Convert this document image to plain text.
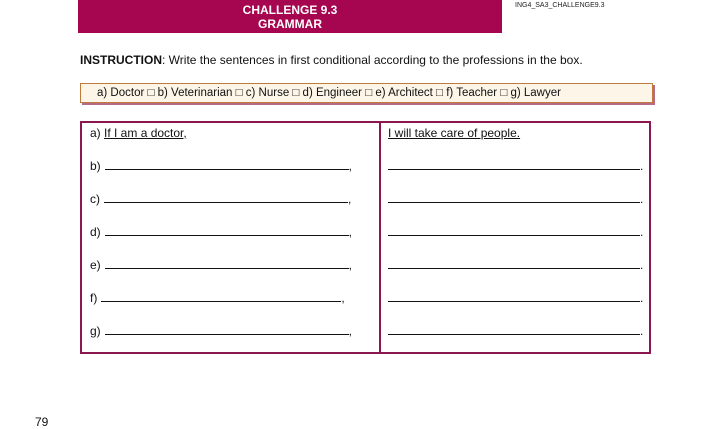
CHALLENGE 9.3
GRAMMAR
ING4_SA3_CHALLENGE9.3
INSTRUCTION: Write the sentences in first conditional according to the professions in the box.
a) Doctor □ b) Veterinarian □ c) Nurse □ d) Engineer □ e) Architect □ f) Teacher □ g) Lawyer
a) If I am a doctor,	I will take care of people.
b)	,	.
c)	,	.
d)	,	.
e)	,	.
f)	,	.
g)	,	.
79
